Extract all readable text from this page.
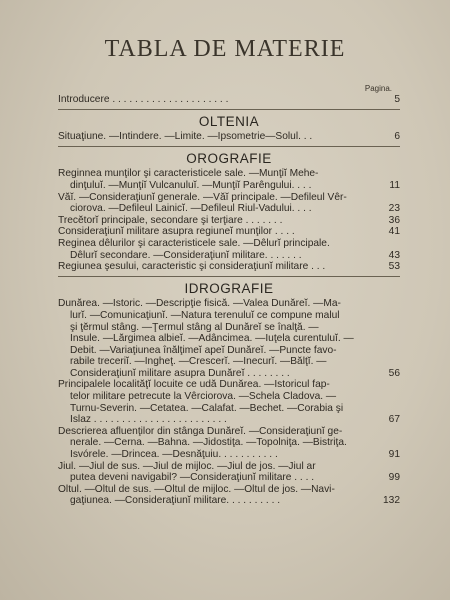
TABLA DE MATERIE
Pagina.
Introducere . . . . . . . . . . . . . . . . . . . . .	5
OLTENIA
Situaţiune. —Intindere. —Limite. —Ipsometrie—Solul. . .	6
OROGRAFIE
Reginnea munţilor şi caracteristicele sale. —Munţiĭ Mehe-
dinţuluĭ. —Munţiĭ Vulcanuluĭ. —Munţiĭ Parêngului. . . .	11
Văĭ. —Consideraţiunĭ generale. —Văĭ principale. —Defileul Vêr-
ciorova. —Defileul Lainicĭ. —Defileul Riul-Vadului. . . .	23
Trecĕtorĭ principale, secondare şi terţiare . . . . . . .	36
Consideraţiunĭ militare asupra regiuneĭ munţilor . . . .	41
Reginea dêlurilor şi caracteristicele sale. —Dêlurĭ principale.
Dêlurĭ secondare. —Consideraţiunĭ militare. . . . . . .	43
Regiunea şesului, caracteristic şi consideraţiunĭ militare . . .	53
IDROGRAFIE
Dunărea. —Istoric. —Descripţie fisică. —Valea Dunăreĭ. —Ma-
lurĭ. —Comunicaţiunĭ. —Natura terenuluĭ ce compune malul
şi ţĕrmul stâng. —Ţermul stâng al Dunăreĭ se înalţă. —
Insule. —Lărgimea albieĭ. —Adâncimea. —Iuţela curentuluĭ. —
Debit. —Variaţiunea înălţimeĭ apeĭ Dunăreĭ. —Puncte favo-
rabile treceriĭ. —Ingheţ. —Crescerĭ. —Inecurĭ. —Bălţĭ. —
Consideraţiunĭ militare asupra Dunăreĭ . . . . . . . .	56
Principalele localităţĭ locuite ce udă Dunărea. —Istoricul fap-
telor militare petrecute la Vêrciorova. —Schela Cladova. —
Turnu-Severin. —Cetatea. —Calafat. —Bechet. —Corabia şi
Islaz . . . . . . . . . . . . . . . . . . . . . . . .	67
Descrierea afluenţilor din stânga Dunăreĭ. —Consideraţiunĭ ge-
nerale. —Cerna. —Bahna. —Jidostiţa. —Topolniţa. —Bistriţa.
Isvórele. —Drincea. —Desnăţuiu. . . . . . . . . . .	91
Jiul. —Jiul de sus. —Jiul de mijloc. —Jiul de jos. —Jiul ar
putea deveni navigabil? —Consideraţiunĭ militare . . . .	99
Oltul. —Oltul de sus. —Oltul de mijloc. —Oltul de jos. —Navi-
gaţiunea. —Consideraţiunĭ militare. . . . . . . . . .	132
